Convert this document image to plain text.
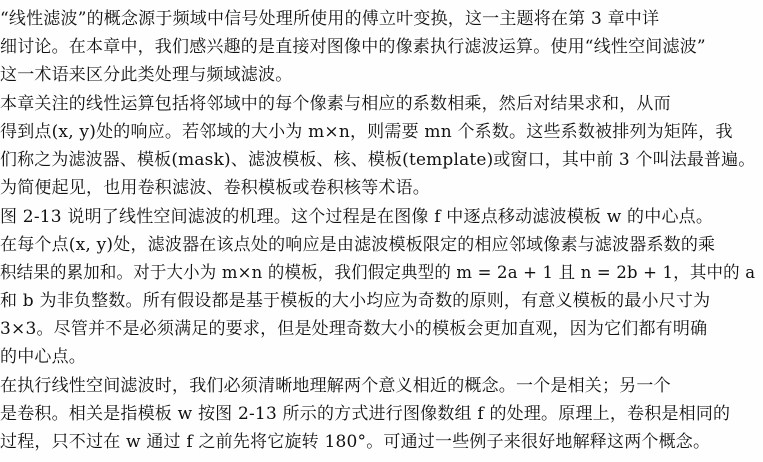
“线性滤波”的概念源于频域中信号处理所使用的傅立叶变换，这一主题将在第 3 章中详
细讨论。在本章中，我们感兴趣的是直接对图像中的像素执行滤波运算。使用“线性空间滤波”
这一术语来区分此类处理与频域滤波。
本章关注的线性运算包括将邻域中的每个像素与相应的系数相乘，然后对结果求和，从而
得到点(x, y)处的响应。若邻域的大小为 m×n，则需要 mn 个系数。这些系数被排列为矩阵，我
们称之为滤波器、模板(mask)、滤波模板、核、模板(template)或窗口，其中前 3 个叫法最普遍。
为简便起见，也用卷积滤波、卷积模板或卷积核等术语。
图 2-13 说明了线性空间滤波的机理。这个过程是在图像 f 中逐点移动滤波模板 w 的中心点。
在每个点(x, y)处，滤波器在该点处的响应是由滤波模板限定的相应邻域像素与滤波器系数的乘
积结果的累加和。对于大小为 m×n 的模板，我们假定典型的 m = 2a + 1 且 n = 2b + 1，其中的 a
和 b 为非负整数。所有假设都是基于模板的大小均应为奇数的原则，有意义模板的最小尺寸为
3×3。尽管并不是必须满足的要求，但是处理奇数大小的模板会更加直观，因为它们都有明确
的中心点。
在执行线性空间滤波时，我们必须清晰地理解两个意义相近的概念。一个是相关；另一个
是卷积。相关是指模板 w 按图 2-13 所示的方式进行图像数组 f 的处理。原理上，卷积是相同的
过程，只不过在 w 通过 f 之前先将它旋转 180°。可通过一些例子来很好地解释这两个概念。
